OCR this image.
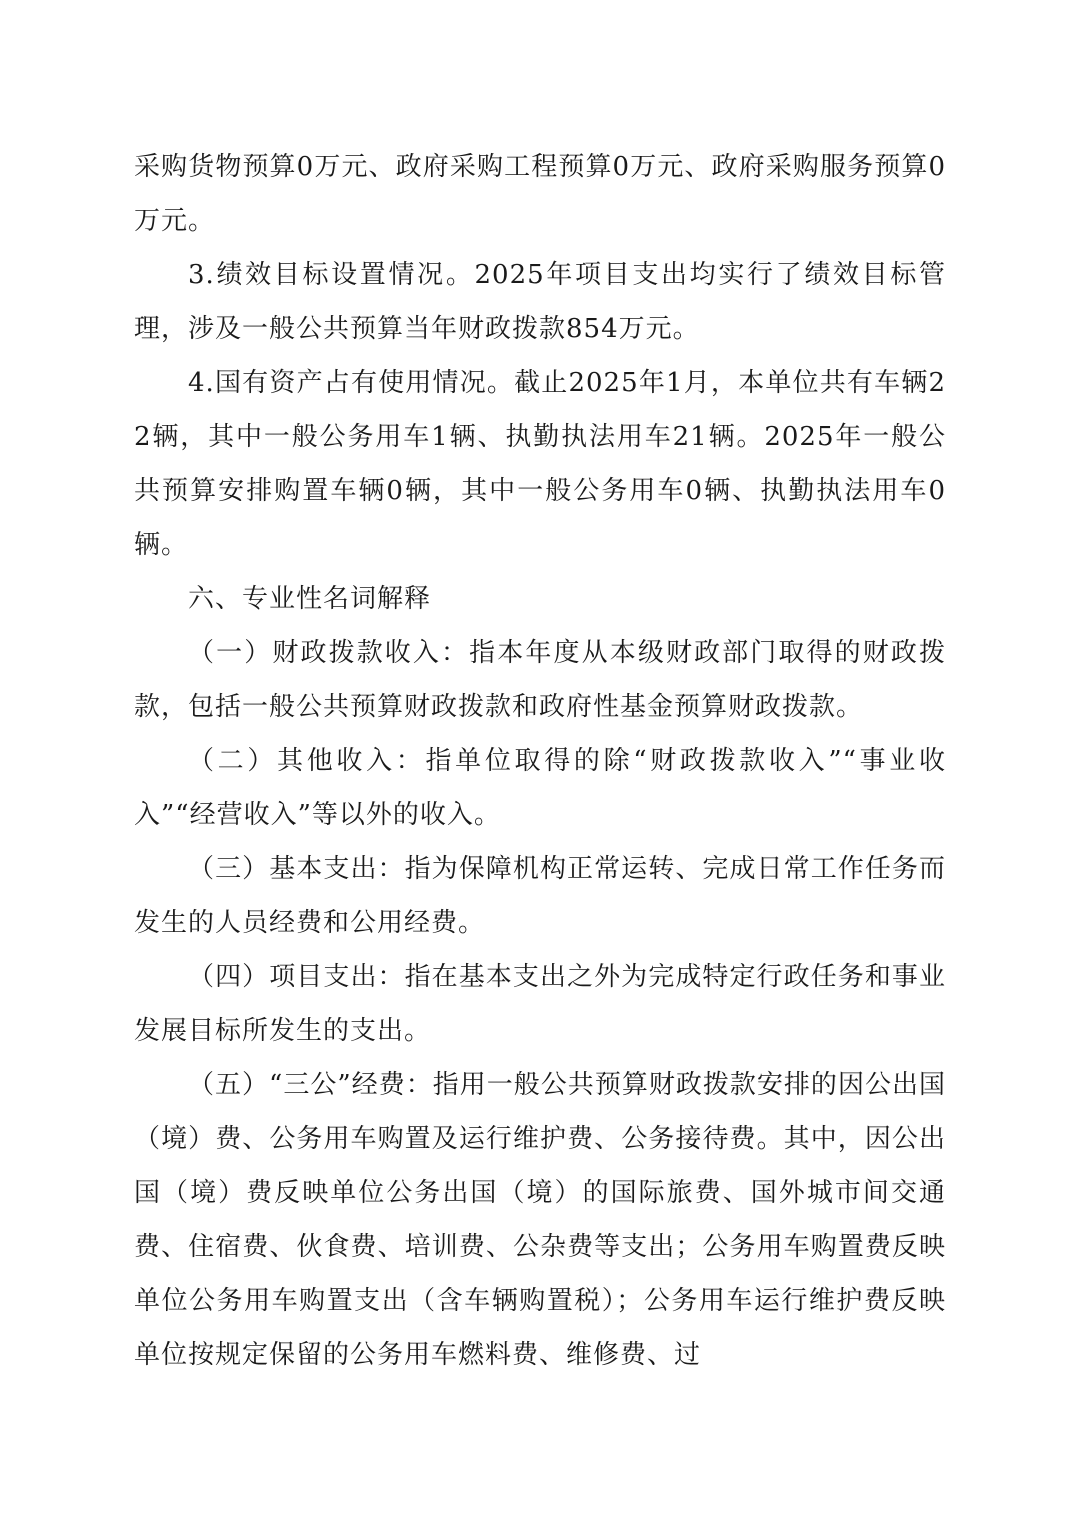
采购货物预算0万元、政府采购工程预算0万元、政府采购服务预算0万元。

3.绩效目标设置情况。2025年项目支出均实行了绩效目标管理，涉及一般公共预算当年财政拨款854万元。

4.国有资产占有使用情况。截止2025年1月，本单位共有车辆22辆，其中一般公务用车1辆、执勤执法用车21辆。2025年一般公共预算安排购置车辆0辆，其中一般公务用车0辆、执勤执法用车0辆。

六、专业性名词解释

（一）财政拨款收入：指本年度从本级财政部门取得的财政拨款，包括一般公共预算财政拨款和政府性基金预算财政拨款。

（二）其他收入：指单位取得的除“财政拨款收入”“事业收入”“经营收入”等以外的收入。

（三）基本支出：指为保障机构正常运转、完成日常工作任务而发生的人员经费和公用经费。

（四）项目支出：指在基本支出之外为完成特定行政任务和事业发展目标所发生的支出。

（五）“三公”经费：指用一般公共预算财政拨款安排的因公出国（境）费、公务用车购置及运行维护费、公务接待费。其中，因公出国（境）费反映单位公务出国（境）的国际旅费、国外城市间交通费、住宿费、伙食费、培训费、公杂费等支出；公务用车购置费反映单位公务用车购置支出（含车辆购置税）；公务用车运行维护费反映单位按规定保留的公务用车燃料费、维修费、过
